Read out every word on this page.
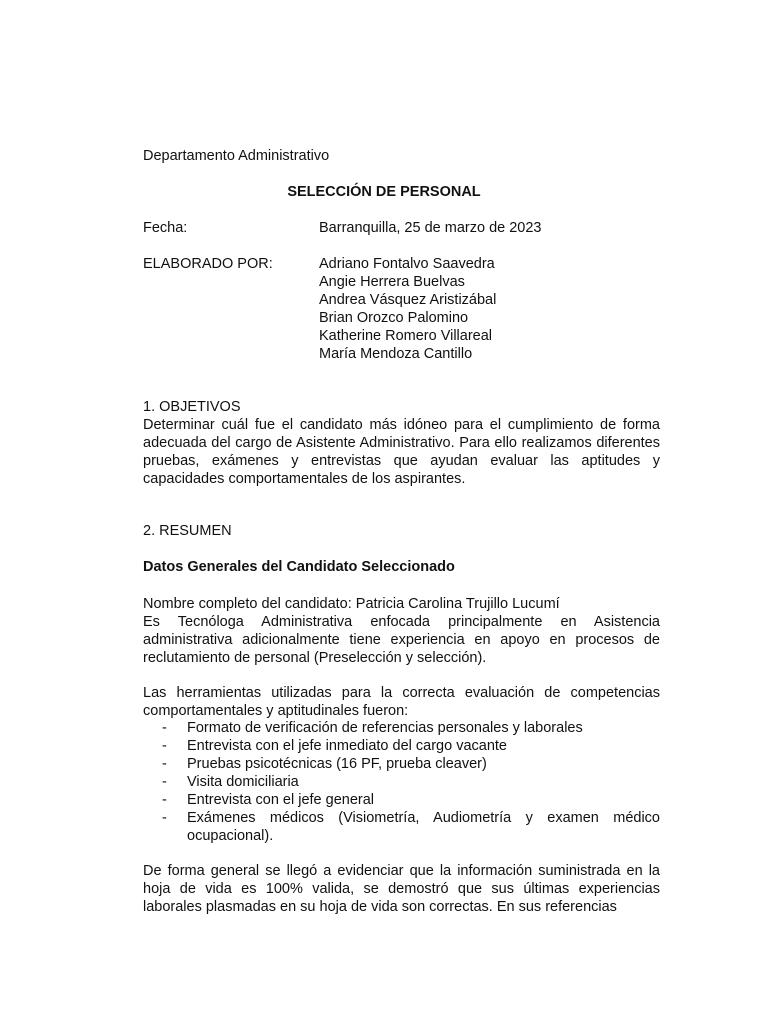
Departamento Administrativo
SELECCIÓN DE PERSONAL
Fecha:	Barranquilla, 25 de marzo de 2023
ELABORADO POR:	Adriano Fontalvo Saavedra
Angie Herrera Buelvas
Andrea Vásquez Aristizábal
Brian Orozco Palomino
Katherine Romero Villareal
María Mendoza Cantillo
1. OBJETIVOS

Determinar cuál fue el candidato más idóneo para el cumplimiento de forma adecuada del cargo de Asistente Administrativo. Para ello realizamos diferentes pruebas, exámenes y entrevistas que ayudan evaluar las aptitudes y capacidades comportamentales de los aspirantes.

2. RESUMEN
Datos Generales del Candidato Seleccionado
Nombre completo del candidato: Patricia Carolina Trujillo Lucumí

Es Tecnóloga Administrativa enfocada principalmente en Asistencia administrativa adicionalmente tiene experiencia en apoyo en procesos de reclutamiento de personal (Preselección y selección).

Las herramientas utilizadas para la correcta evaluación de competencias comportamentales y aptitudinales fueron:

- Formato de verificación de referencias personales y laborales
- Entrevista con el jefe inmediato del cargo vacante
- Pruebas psicotécnicas (16 PF, prueba cleaver)
- Visita domiciliaria
- Entrevista con el jefe general
- Exámenes médicos (Visiometría, Audiometría y examen médico ocupacional).

De forma general se llegó a evidenciar que la información suministrada en la hoja de vida es 100% valida, se demostró que sus últimas experiencias laborales plasmadas en su hoja de vida son correctas. En sus referencias
